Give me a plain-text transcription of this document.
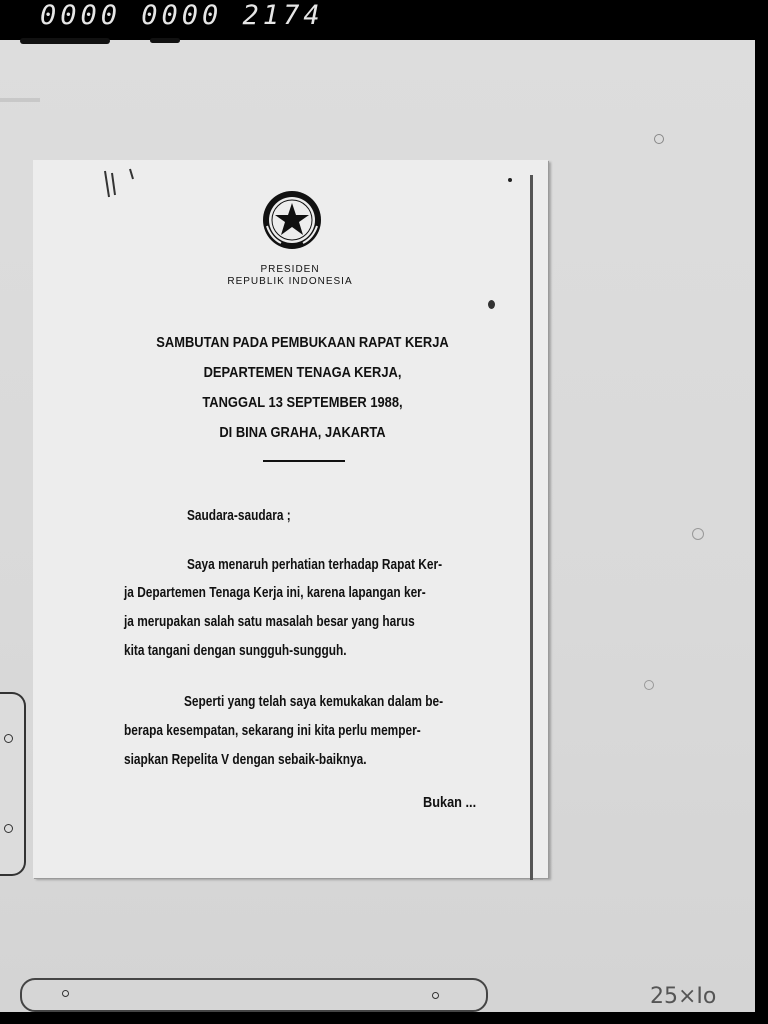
0000 0000 2174
PRESIDEN
REPUBLIK INDONESIA
SAMBUTAN PADA PEMBUKAAN RAPAT KERJA
DEPARTEMEN TENAGA KERJA,
TANGGAL 13 SEPTEMBER 1988,
DI BINA GRAHA, JAKARTA
Saudara-saudara ;
Saya menaruh perhatian terhadap Rapat Ker-
ja Departemen Tenaga Kerja ini, karena lapangan ker-
ja merupakan salah satu masalah besar yang harus
kita tangani dengan sungguh-sungguh.
Seperti yang telah saya kemukakan dalam be-
berapa kesempatan, sekarang ini kita perlu memper-
siapkan Repelita V dengan sebaik-baiknya.
Bukan ...
25×Io
